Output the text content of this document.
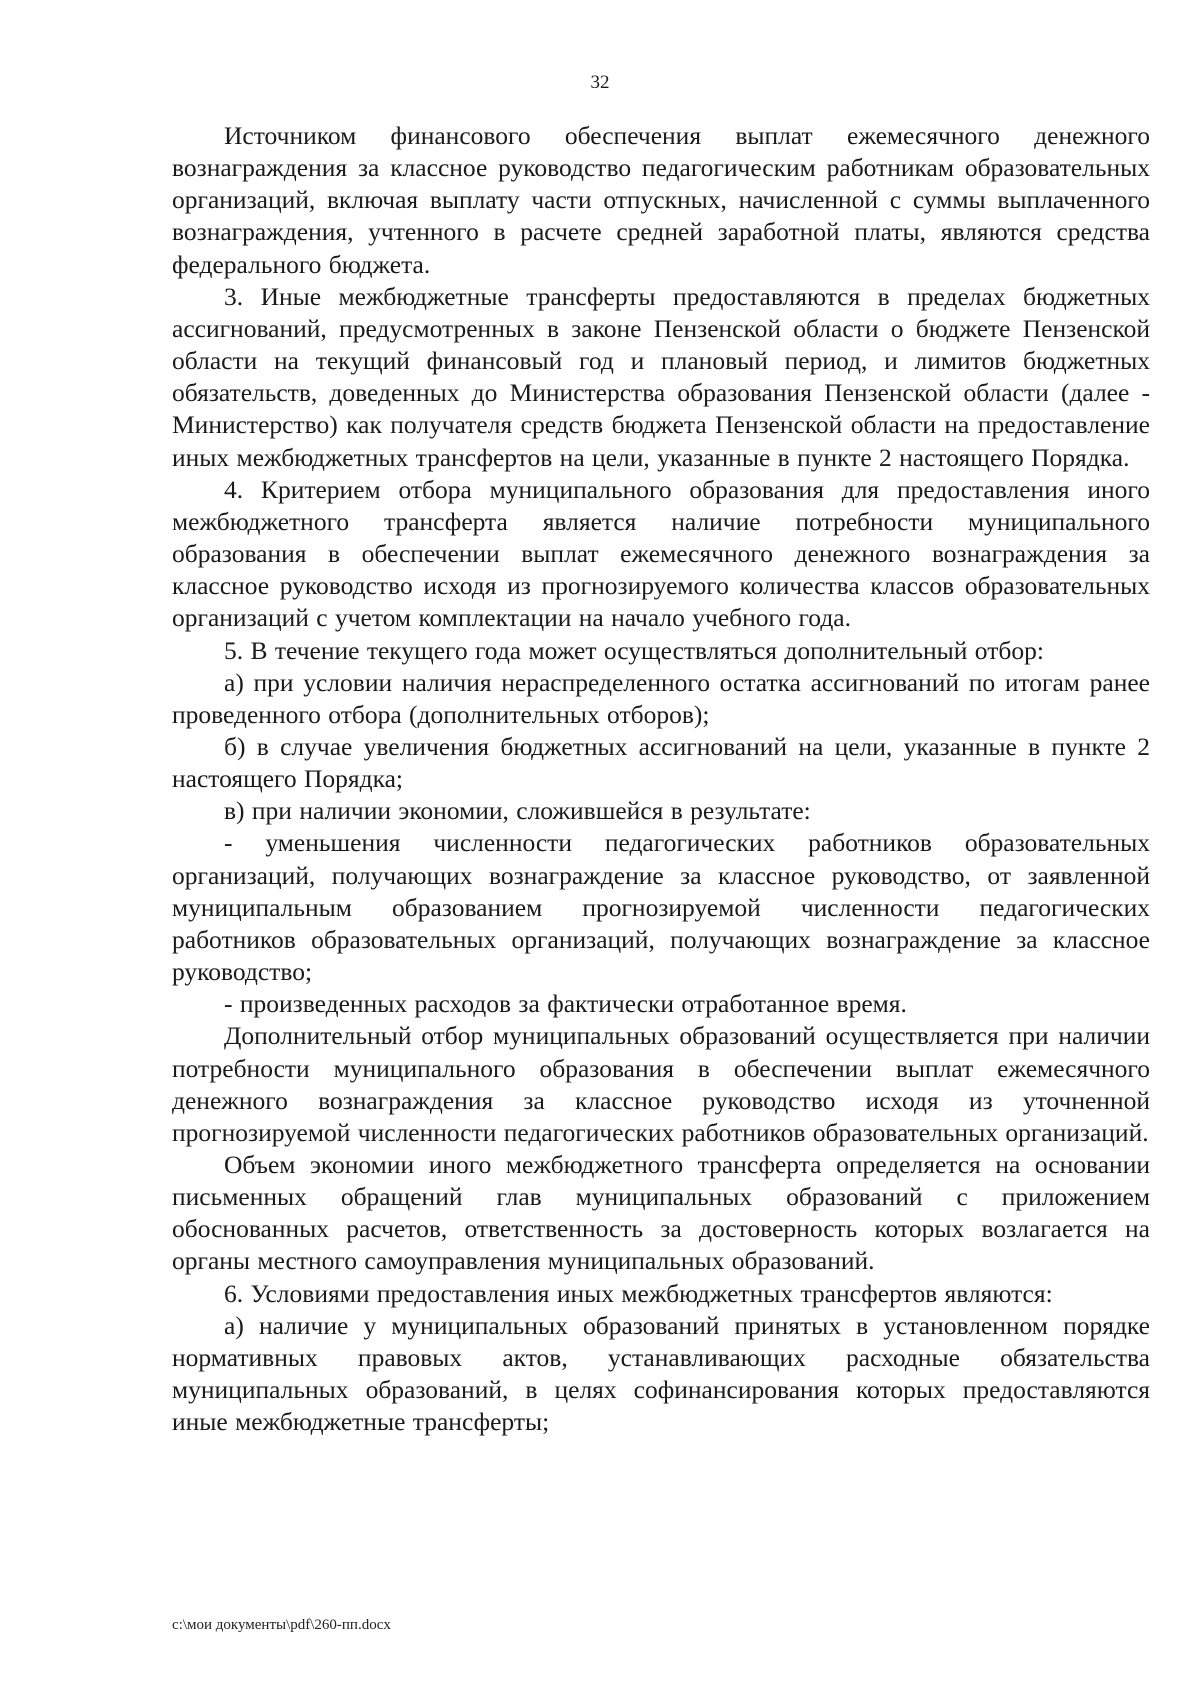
32

Источником финансового обеспечения выплат ежемесячного денежного вознаграждения за классное руководство педагогическим работникам образовательных организаций, включая выплату части отпускных, начисленной с суммы выплаченного вознаграждения, учтенного в расчете средней заработной платы, являются средства федерального бюджета.

3. Иные межбюджетные трансферты предоставляются в пределах бюджетных ассигнований, предусмотренных в законе Пензенской области о бюджете Пензенской области на текущий финансовый год и плановый период, и лимитов бюджетных обязательств, доведенных до Министерства образования Пензенской области (далее - Министерство) как получателя средств бюджета Пензенской области на предоставление иных межбюджетных трансфертов на цели, указанные в пункте 2 настоящего Порядка.

4. Критерием отбора муниципального образования для предоставления иного межбюджетного трансферта является наличие потребности муниципального образования в обеспечении выплат ежемесячного денежного вознаграждения за классное руководство исходя из прогнозируемого количества классов образовательных организаций с учетом комплектации на начало учебного года.

5. В течение текущего года может осуществляться дополнительный отбор:

а) при условии наличия нераспределенного остатка ассигнований по итогам ранее проведенного отбора (дополнительных отборов);

б) в случае увеличения бюджетных ассигнований на цели, указанные в пункте 2 настоящего Порядка;

в) при наличии экономии, сложившейся в результате:

- уменьшения численности педагогических работников образовательных организаций, получающих вознаграждение за классное руководство, от заявленной муниципальным образованием прогнозируемой численности педагогических работников образовательных организаций, получающих вознаграждение за классное руководство;

- произведенных расходов за фактически отработанное время.

Дополнительный отбор муниципальных образований осуществляется при наличии потребности муниципального образования в обеспечении выплат ежемесячного денежного вознаграждения за классное руководство исходя из уточненной прогнозируемой численности педагогических работников образовательных организаций.

Объем экономии иного межбюджетного трансферта определяется на основании письменных обращений глав муниципальных образований с приложением обоснованных расчетов, ответственность за достоверность которых возлагается на органы местного самоуправления муниципальных образований.

6. Условиями предоставления иных межбюджетных трансфертов являются:

а) наличие у муниципальных образований принятых в установленном порядке нормативных правовых актов, устанавливающих расходные обязательства муниципальных образований, в целях софинансирования которых предоставляются иные межбюджетные трансферты;

c:\мои документы\pdf\260-пп.docx
